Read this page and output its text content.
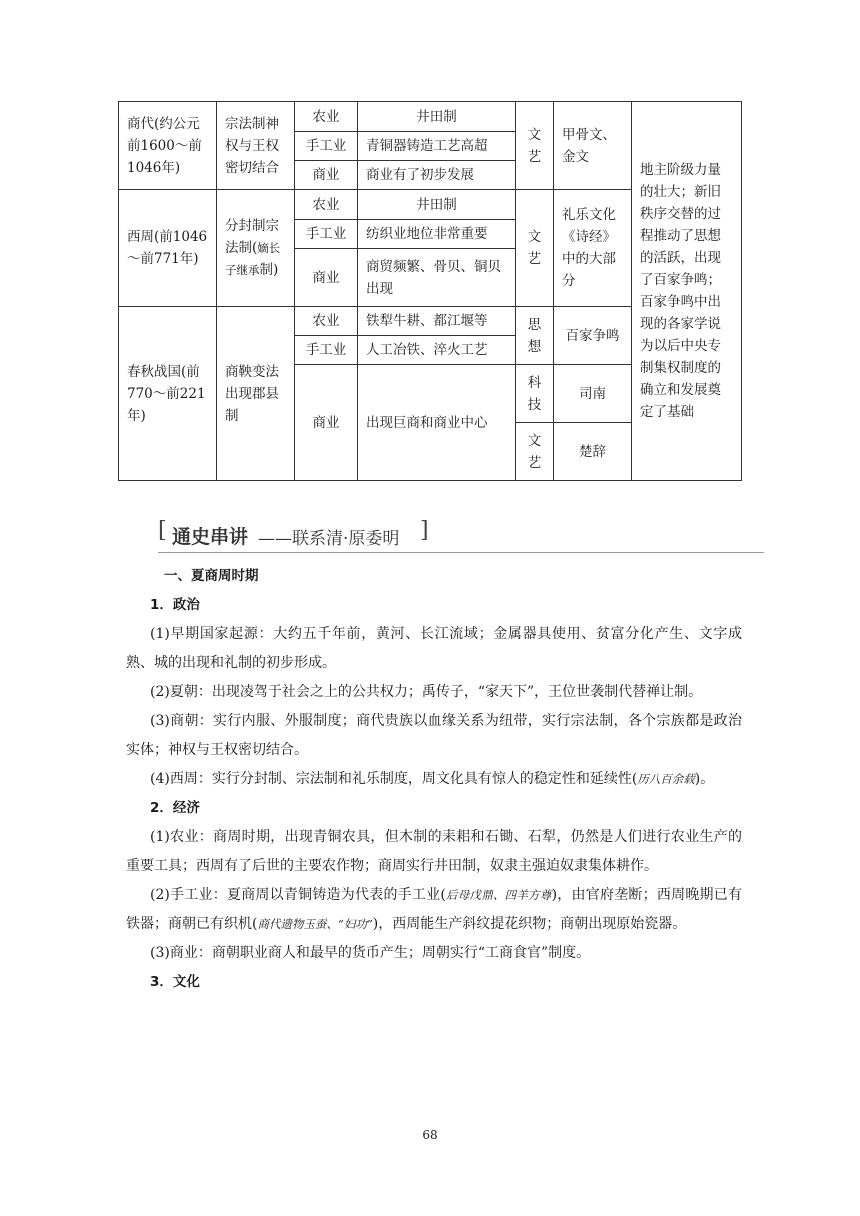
商代(约公元前1600～前1046年)	宗法制神权与王权密切结合	农业	井田制	文艺	甲骨文、金文	地主阶级力量的壮大；新旧秩序交替的过程推动了思想的活跃，出现了百家争鸣；百家争鸣中出现的各家学说为以后中央专制集权制度的确立和发展奠定了基础
		手工业	青铜器铸造工艺高超			
		商业	商业有了初步发展			
西周(前1046～前771年)	分封制宗法制(嫡长子继承制)	农业	井田制	文艺	礼乐文化《诗经》中的大部分	
		手工业	纺织业地位非常重要			
		商业	商贸频繁、骨贝、铜贝出现			
春秋战国(前770～前221年)	商鞅变法出现郡县制	农业	铁犁牛耕、都江堰等	思想	百家争鸣	
		手工业	人工冶铁、淬火工艺			
		商业	出现巨商和商业中心	科技	司南	
				文艺	楚辞	
[ 通史串讲 ——联系清·原委明 ]

一、夏商周时期

1．政治

(1)早期国家起源：大约五千年前，黄河、长江流域；金属器具使用、贫富分化产生、文字成熟、城的出现和礼制的初步形成。

(2)夏朝：出现凌驾于社会之上的公共权力；禹传子，“家天下”，王位世袭制代替禅让制。

(3)商朝：实行内服、外服制度；商代贵族以血缘关系为纽带，实行宗法制，各个宗族都是政治实体；神权与王权密切结合。

(4)西周：实行分封制、宗法制和礼乐制度，周文化具有惊人的稳定性和延续性(历八百余载)。

2．经济

(1)农业：商周时期，出现青铜农具，但木制的耒耜和石锄、石犁，仍然是人们进行农业生产的重要工具；西周有了后世的主要农作物；商周实行井田制，奴隶主强迫奴隶集体耕作。

(2)手工业：夏商周以青铜铸造为代表的手工业(后母戊鼎、四羊方尊)，由官府垄断；西周晚期已有铁器；商朝已有织机(商代遗物玉蚕、“妇功”)，西周能生产斜纹提花织物；商朝出现原始瓷器。

(3)商业：商朝职业商人和最早的货币产生；周朝实行“工商食官”制度。

3．文化

68
